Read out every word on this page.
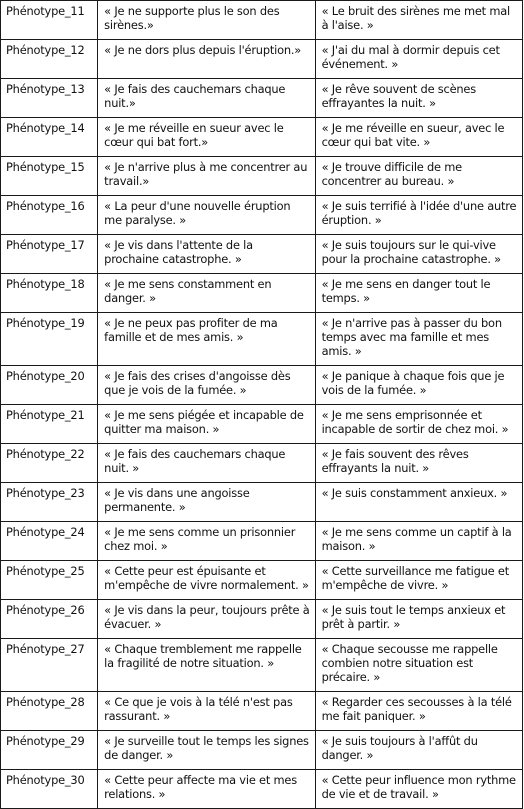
Phénotype_11	« Je ne supporte plus le son des sirènes.»	« Le bruit des sirènes me met mal à l'aise. »
Phénotype_12	« Je ne dors plus depuis l'éruption.»	« J'ai du mal à dormir depuis cet événement. »
Phénotype_13	« Je fais des cauchemars chaque nuit.»	« Je rêve souvent de scènes effrayantes la nuit. »
Phénotype_14	« Je me réveille en sueur avec le cœur qui bat fort.»	« Je me réveille en sueur, avec le cœur qui bat vite. »
Phénotype_15	« Je n'arrive plus à me concentrer au travail.»	« Je trouve difficile de me concentrer au bureau. »
Phénotype_16	« La peur d'une nouvelle éruption me paralyse. »	« Je suis terrifié à l'idée d'une autre éruption. »
Phénotype_17	« Je vis dans l'attente de la prochaine catastrophe. »	« Je suis toujours sur le qui-vive pour la prochaine catastrophe. »
Phénotype_18	« Je me sens constamment en danger. »	« Je me sens en danger tout le temps. »
Phénotype_19	« Je ne peux pas profiter de ma famille et de mes amis. »	« Je n'arrive pas à passer du bon temps avec ma famille et mes amis. »
Phénotype_20	« Je fais des crises d'angoisse dès que je vois de la fumée. »	« Je panique à chaque fois que je vois de la fumée. »
Phénotype_21	« Je me sens piégée et incapable de quitter ma maison. »	« Je me sens emprisonnée et incapable de sortir de chez moi. »
Phénotype_22	« Je fais des cauchemars chaque nuit. »	« Je fais souvent des rêves effrayants la nuit. »
Phénotype_23	« Je vis dans une angoisse permanente. »	« Je suis constamment anxieux. »
Phénotype_24	« Je me sens comme un prisonnier chez moi. »	« Je me sens comme un captif à la maison. »
Phénotype_25	« Cette peur est épuisante et m'empêche de vivre normalement. »	« Cette surveillance me fatigue et m'empêche de vivre. »
Phénotype_26	« Je vis dans la peur, toujours prête à évacuer. »	« Je suis tout le temps anxieux et prêt à partir. »
Phénotype_27	« Chaque tremblement me rappelle la fragilité de notre situation. »	« Chaque secousse me rappelle combien notre situation est précaire. »
Phénotype_28	« Ce que je vois à la télé n'est pas rassurant. »	« Regarder ces secousses à la télé me fait paniquer. »
Phénotype_29	« Je surveille tout le temps les signes de danger. »	« Je suis toujours à l'affût du danger. »
Phénotype_30	« Cette peur affecte ma vie et mes relations. »	« Cette peur influence mon rythme de vie et de travail. »
